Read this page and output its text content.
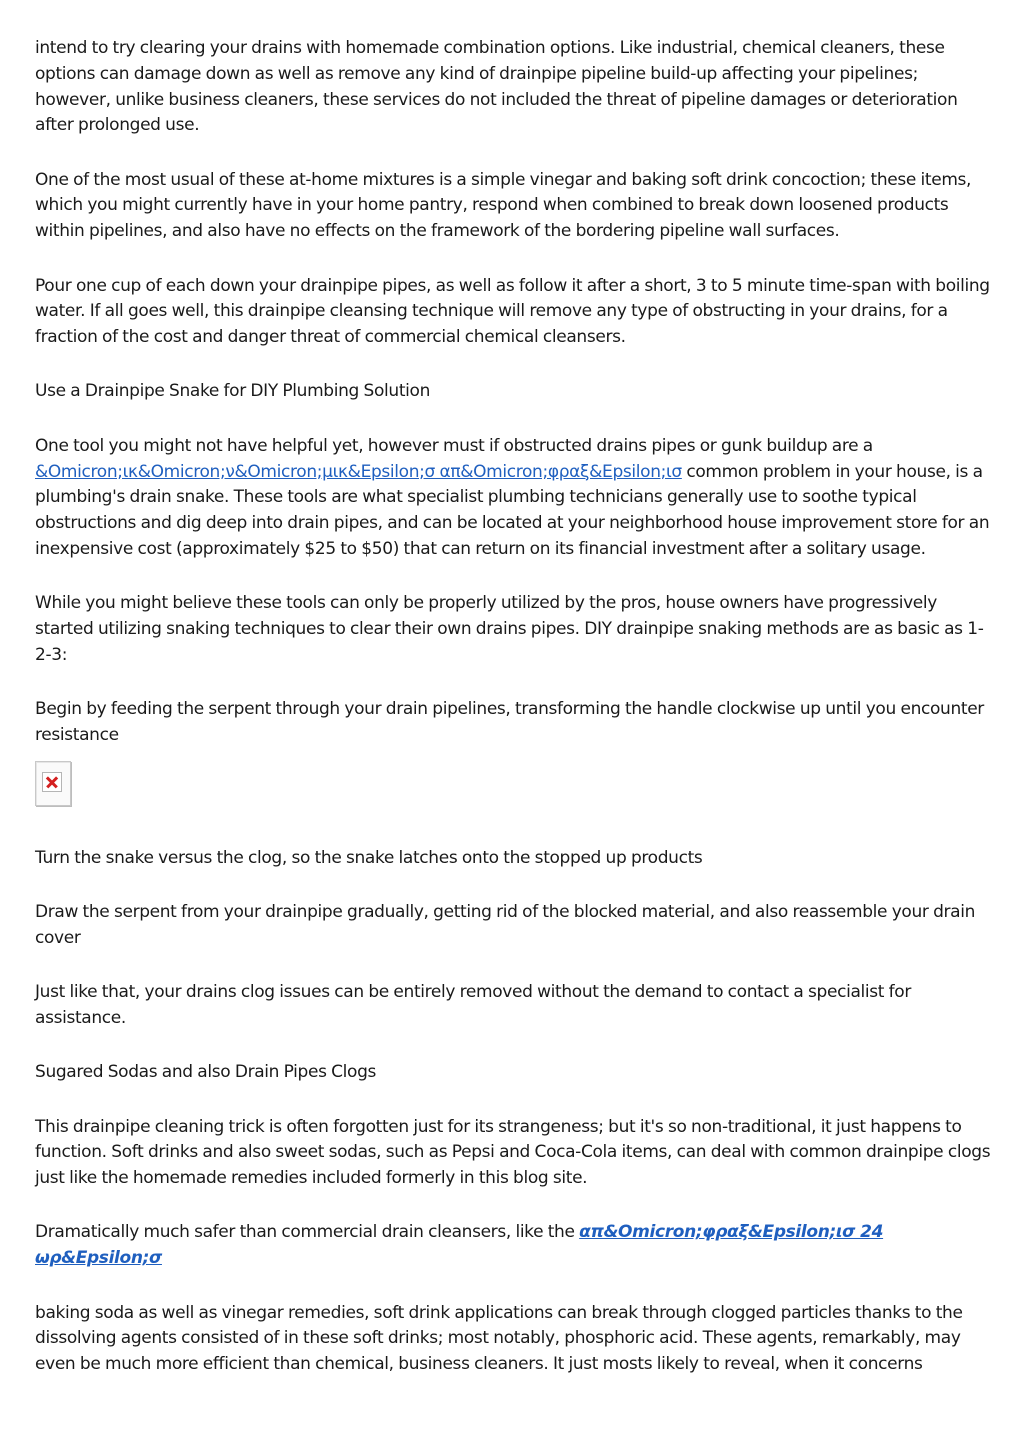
intend to try clearing your drains with homemade combination options. Like industrial, chemical cleaners, these options can damage down as well as remove any kind of drainpipe pipeline build-up affecting your pipelines; however, unlike business cleaners, these services do not included the threat of pipeline damages or deterioration after prolonged use.

One of the most usual of these at-home mixtures is a simple vinegar and baking soft drink concoction; these items, which you might currently have in your home pantry, respond when combined to break down loosened products within pipelines, and also have no effects on the framework of the bordering pipeline wall surfaces.

Pour one cup of each down your drainpipe pipes, as well as follow it after a short, 3 to 5 minute time-span with boiling water. If all goes well, this drainpipe cleansing technique will remove any type of obstructing in your drains, for a fraction of the cost and danger threat of commercial chemical cleansers.

Use a Drainpipe Snake for DIY Plumbing Solution

One tool you might not have helpful yet, however must if obstructed drains pipes or gunk buildup are a &Omicron;ικ&Omicron;ν&Omicron;μικ&Epsilon;σ απ&Omicron;φραξ&Epsilon;ισ common problem in your house, is a plumbing's drain snake. These tools are what specialist plumbing technicians generally use to soothe typical obstructions and dig deep into drain pipes, and can be located at your neighborhood house improvement store for an inexpensive cost (approximately $25 to $50) that can return on its financial investment after a solitary usage.

While you might believe these tools can only be properly utilized by the pros, house owners have progressively started utilizing snaking techniques to clear their own drains pipes. DIY drainpipe snaking methods are as basic as 1-2-3:

Begin by feeding the serpent through your drain pipelines, transforming the handle clockwise up until you encounter resistance

Turn the snake versus the clog, so the snake latches onto the stopped up products

Draw the serpent from your drainpipe gradually, getting rid of the blocked material, and also reassemble your drain cover

Just like that, your drains clog issues can be entirely removed without the demand to contact a specialist for assistance.

Sugared Sodas and also Drain Pipes Clogs

This drainpipe cleaning trick is often forgotten just for its strangeness; but it's so non-traditional, it just happens to function. Soft drinks and also sweet sodas, such as Pepsi and Coca-Cola items, can deal with common drainpipe clogs just like the homemade remedies included formerly in this blog site.

Dramatically much safer than commercial drain cleansers, like the απ&Omicron;φραξ&Epsilon;ισ 24 ωρ&Epsilon;σ

baking soda as well as vinegar remedies, soft drink applications can break through clogged particles thanks to the dissolving agents consisted of in these soft drinks; most notably, phosphoric acid. These agents, remarkably, may even be much more efficient than chemical, business cleaners. It just mosts likely to reveal, when it concerns
